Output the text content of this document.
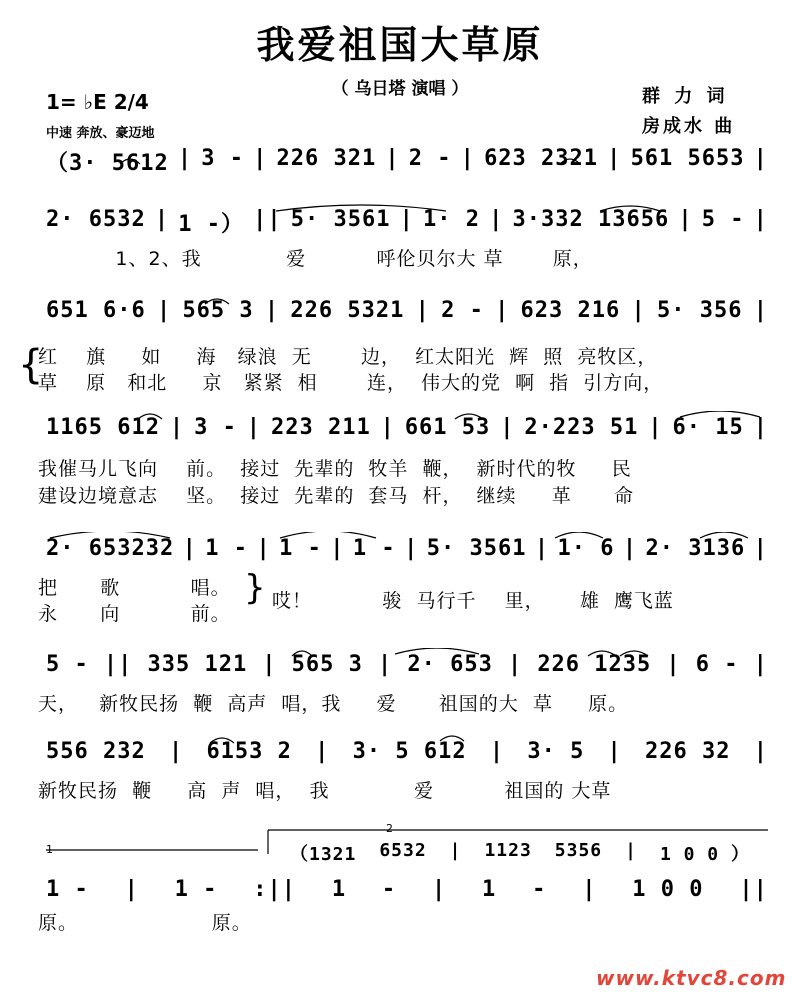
我爱祖国大草原
（ 乌日塔 演唱 ）
1= ♭E 2/4
中速 奔放、豪迈地
群 力 词
房成水 曲
（3· 5612 | 3 - | 226 321 | 2 - | 623 2321 | 561 5653 |
2· 6532 | 1 -） || 5· 3561 | 1· 2 | 3·332 13656 | 5 - |
1、2、我            爱          呼伦贝尔大 草       原，
651 6·6 | 565 3 | 226 5321 | 2 - | 623 216 | 5· 356 |
{
红    旗     如     海   绿浪  无       边，  红太阳光  辉  照  亮牧区，
草    原   和北     京   紧紧  相       连，  伟大的党  啊  指  引方向，
1165 612 | 3 - | 223 211 | 661 53 | 2·223 51 | 6· 15 |
我催马儿飞向    前。  接过  先辈的  牧羊  鞭，  新时代的牧     民
建设边境意志    坚。  接过  先辈的  套马  杆，  继续     革      命
2· 653232 | 1 - | 1 - | 1 - | 5· 3561 | 1· 6 | 2· 3136 |
把      歌          唱。
永      向          前。
} 哎！          骏  马行千    里，     雄  鹰飞蓝
5 - || 335 121 | 565 3 | 2· 653 | 226 1235 | 6 - |
天，   新牧民扬  鞭  高声  唱，我     爱      祖国的大  草     原。
556 232 | 6153 2 | 3· 5 612 | 3· 5 | 226 32 |
新牧民扬  鞭     高  声  唱，  我            爱          祖国的 大草
1
2
（1321 6532 | 1123 5356 | 1 0 0 ）
1 - | 1 - :|| 1 - | 1 - | 1 0 0 ||
原。                   原。
www.ktvc8.com
